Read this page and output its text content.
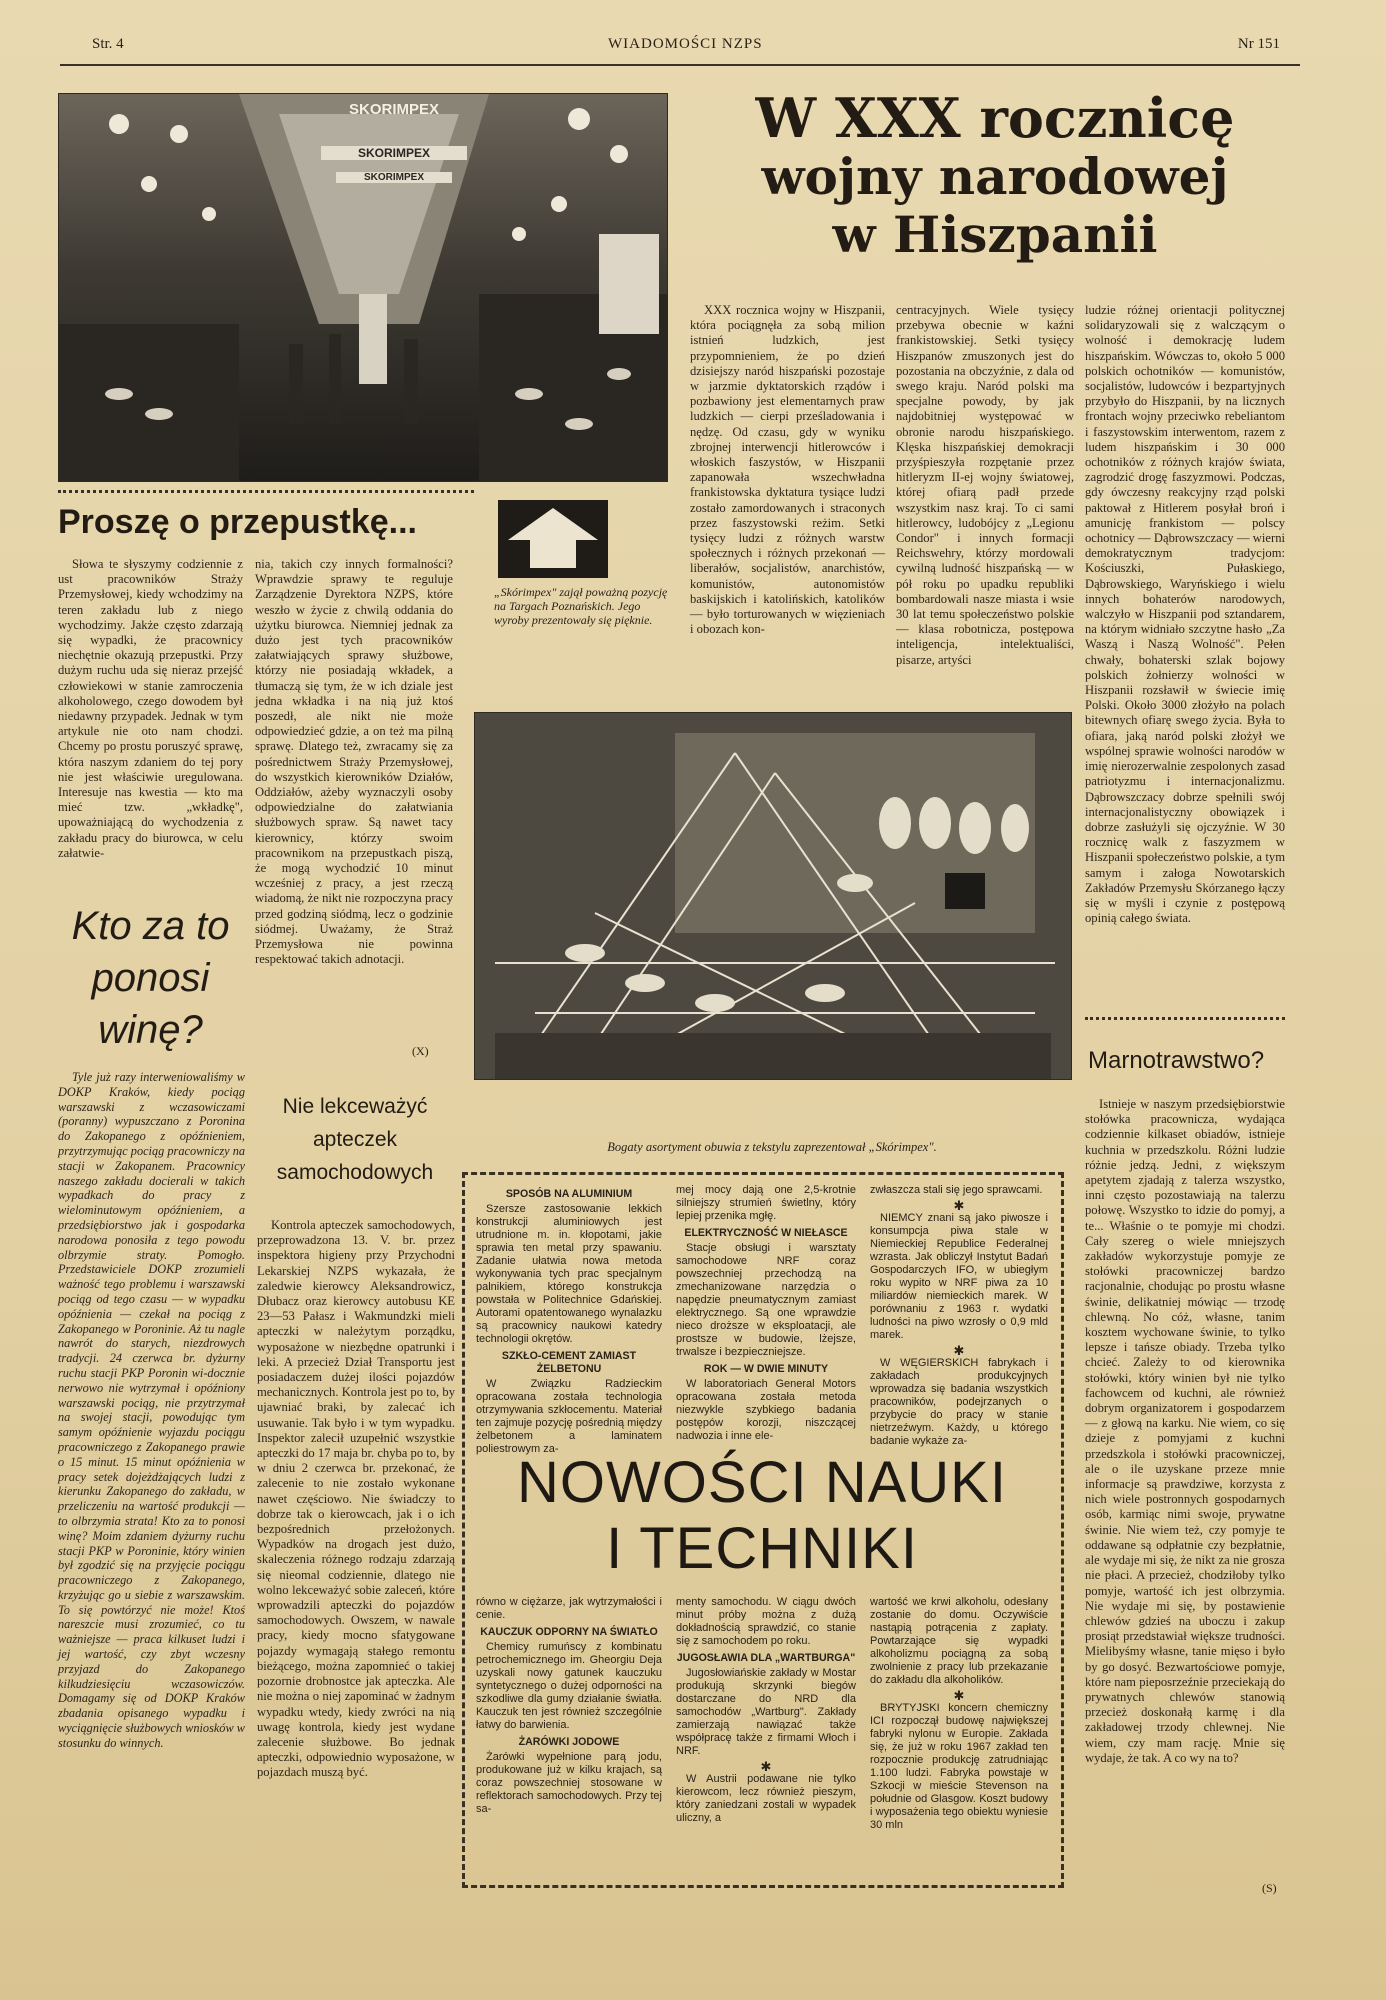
Str. 4	WIADOMOŚCI NZPS	Nr 151
SKORIMPEX
SKORIMPEX
SKORIMPEX
W XXX rocznicę
wojny narodowej
w Hiszpanii

XXX rocznica wojny w Hiszpanii, która pociągnęła za sobą milion istnień ludzkich, jest przypomnieniem, że po dzień dzisiejszy naród hiszpański pozostaje w jarzmie dyktatorskich rządów i pozbawiony jest elementarnych praw ludzkich — cierpi prześladowania i nędzę. Od czasu, gdy w wyniku zbrojnej interwencji hitlerowców i włoskich faszystów, w Hiszpanii zapanowała wszechwładna frankistowska dyktatura tysiące ludzi zostało zamordowanych i straconych przez faszystowski reżim. Setki tysięcy ludzi z różnych warstw społecznych i różnych przekonań — liberałów, socjalistów, anarchistów, komunistów, autonomistów baskijskich i katolińskich, katolików — było torturowanych w więzieniach i obozach kon-

centracyjnych. Wiele tysięcy przebywa obecnie w kaźni frankistowskiej. Setki tysięcy Hiszpanów zmuszonych jest do pozostania na obczyźnie, z dala od swego kraju. Naród polski ma specjalne powody, by jak najdobitniej występować w obronie narodu hiszpańskiego. Klęska hiszpańskiej demokracji przyśpieszyła rozpętanie przez hitleryzm II-ej wojny światowej, której ofiarą padł przede wszystkim nasz kraj. To ci sami hitlerowcy, ludobójcy z „Legionu Condor" i innych formacji Reichswehry, którzy mordowali cywilną ludność hiszpańską — w pół roku po upadku republiki bombardowali nasze miasta i wsie 30 lat temu społeczeństwo polskie — klasa robotnicza, postępowa inteligencja, intelektualiści, pisarze, artyści

ludzie różnej orientacji politycznej solidaryzowali się z walczącym o wolność i demokrację ludem hiszpańskim. Wówczas to, około 5 000 polskich ochotników — komunistów, socjalistów, ludowców i bezpartyjnych przybyło do Hiszpanii, by na licznych frontach wojny przeciwko rebeliantom i faszystowskim interwentom, razem z ludem hiszpańskim i 30 000 ochotników z różnych krajów świata, zagrodzić drogę faszyzmowi. Podczas, gdy ówczesny reakcyjny rząd polski paktował z Hitlerem posyłał broń i amunicję frankistom — polscy ochotnicy — Dąbrowszczacy — wierni demokratycznym tradycjom: Kościuszki, Pułaskiego, Dąbrowskiego, Waryńskiego i wielu innych bohaterów narodowych, walczyło w Hiszpanii pod sztandarem, na którym widniało szczytne hasło „Za Waszą i Naszą Wolność". Pełen chwały, bohaterski szlak bojowy polskich żołnierzy wolności w Hiszpanii rozsławił w świecie imię Polski. Około 3000 złożyło na polach bitewnych ofiarę swego życia. Była to ofiara, jaką naród polski złożył we wspólnej sprawie wolności narodów w imię nierozerwalnie zespolonych zasad patriotyzmu i internacjonalizmu. Dąbrowszczacy dobrze spełnili swój internacjonalistyczny obowiązek i dobrze zasłużyli się ojczyźnie. W 30 rocznicę walk z faszyzmem w Hiszpanii społeczeństwo polskie, a tym samym i załoga Nowotarskich Zakładów Przemysłu Skórzanego łączy się w myśli i czynie z postępową opinią całego świata.

„Skórimpex" zajął poważną pozycję na Targach Poznańskich. Jego wyroby prezentowały się pięknie.
Proszę o przepustkę...

Słowa te słyszymy codziennie z ust pracowników Straży Przemysłowej, kiedy wchodzimy na teren zakładu lub z niego wychodzimy. Jakże często zdarzają się wypadki, że pracownicy niechętnie okazują przepustki. Przy dużym ruchu uda się nieraz przejść człowiekowi w stanie zamroczenia alkoholowego, czego dowodem był niedawny przypadek. Jednak w tym artykule nie oto nam chodzi. Chcemy po prostu poruszyć sprawę, która naszym zdaniem do tej pory nie jest właściwie uregulowana. Interesuje nas kwestia — kto ma mieć tzw. „wkładkę", upoważniającą do wychodzenia z zakładu pracy do biurowca, w celu załatwie-

nia, takich czy innych formalności? Wprawdzie sprawy te reguluje Zarządzenie Dyrektora NZPS, które weszło w życie z chwilą oddania do użytku biurowca. Niemniej jednak za dużo jest tych pracowników załatwiających sprawy służbowe, którzy nie posiadają wkładek, a tłumaczą się tym, że w ich dziale jest jedna wkładka i na nią już ktoś poszedł, ale nikt nie może odpowiedzieć gdzie, a on też ma pilną sprawę. Dlatego też, zwracamy się za pośrednictwem Straży Przemysłowej, do wszystkich kierowników Działów, Oddziałów, ażeby wyznaczyli osoby odpowiedzialne do załatwiania służbowych spraw. Są nawet tacy kierownicy, którzy swoim pracownikom na przepustkach piszą, że mogą wychodzić 10 minut wcześniej z pracy, a jest rzeczą wiadomą, że nikt nie rozpoczyna pracy przed godziną siódmą, lecz o godzinie siódmej. Uważamy, że Straż Przemysłowa nie powinna respektować takich adnotacji.

(X)
Kto za to
ponosi
winę?

Tyle już razy interweniowaliśmy w DOKP Kraków, kiedy pociąg warszawski z wczasowiczami (poranny) wypuszczano z Poronina do Zakopanego z opóźnieniem, przytrzymując pociąg pracowniczy na stacji w Zakopanem. Pracownicy naszego zakładu docierali w takich wypadkach do pracy z wielominutowym opóźnieniem, a przedsiębiorstwo jak i gospodarka narodowa ponosiła z tego powodu olbrzymie straty. Pomogło. Przedstawiciele DOKP zrozumieli ważność tego problemu i warszawski pociąg od tego czasu — w wypadku opóźnienia — czekał na pociąg z Zakopanego w Poroninie. Aż tu nagle nawrót do starych, niezdrowych tradycji. 24 czerwca br. dyżurny ruchu stacji PKP Poronin wi-docznie nerwowo nie wytrzymał i opóźniony warszawski pociąg, nie przytrzymał na swojej stacji, powodując tym samym opóźnienie wyjazdu pociągu pracowniczego z Zakopanego prawie o 15 minut. 15 minut opóźnienia w pracy setek dojeżdżających ludzi z kierunku Zakopanego do zakładu, w przeliczeniu na wartość produkcji — to olbrzymia strata! Kto za to ponosi winę? Moim zdaniem dyżurny ruchu stacji PKP w Poroninie, który winien był zgodzić się na przyjęcie pociągu pracowniczego z Zakopanego, krzyżując go u siebie z warszawskim. To się powtórzyć nie może! Ktoś nareszcie musi zrozumieć, co tu ważniejsze — praca kilkuset ludzi i jej wartość, czy zbyt wczesny przyjazd do Zakopanego kilkudziesięciu wczasowiczów. Domagamy się od DOKP Kraków zbadania opisanego wypadku i wyciągnięcie służbowych wniosków w stosunku do winnych.

Nie lekceważyć
apteczek
samochodowych

Kontrola apteczek samochodowych, przeprowadzona 13. V. br. przez inspektora higieny przy Przychodni Lekarskiej NZPS wykazała, że zaledwie kierowcy Aleksandrowicz, Dłubacz oraz kierowcy autobusu KE 23—53 Pałasz i Wakmundzki mieli apteczki w należytym porządku, wyposażone w niezbędne opatrunki i leki. A przecież Dział Transportu jest posiadaczem dużej ilości pojazdów mechanicznych. Kontrola jest po to, by ujawniać braki, by zalecać ich usuwanie. Tak było i w tym wypadku. Inspektor zalecił uzupełnić wszystkie apteczki do 17 maja br. chyba po to, by w dniu 2 czerwca br. przekonać, że zalecenie to nie zostało wykonane nawet częściowo. Nie świadczy to dobrze tak o kierowcach, jak i o ich bezpośrednich przełożonych. Wypadków na drogach jest dużo, skaleczenia różnego rodzaju zdarzają się nieomal codziennie, dlatego nie wolno lekceważyć sobie zaleceń, które wprowadzili apteczki do pojazdów samochodowych. Owszem, w nawale pracy, kiedy mocno sfatygowane pojazdy wymagają stałego remontu bieżącego, można zapomnieć o takiej pozornie drobnostce jak apteczka. Ale nie można o niej zapominać w żadnym wypadku wtedy, kiedy zwróci na nią uwagę kontrola, kiedy jest wydane zalecenie służbowe. Bo jednak apteczki, odpowiednio wyposażone, w pojazdach muszą być.

Bogaty asortyment obuwia z tekstylu zaprezentował „Skórimpex".
Marnotrawstwo?

Istnieje w naszym przedsiębiorstwie stołówka pracownicza, wydająca codziennie kilkaset obiadów, istnieje kuchnia w przedszkolu. Różni ludzie różnie jedzą. Jedni, z większym apetytem zjadają z talerza wszystko, inni często pozostawiają na talerzu połowę. Wszystko to idzie do pomyj, a te... Właśnie o te pomyje mi chodzi. Cały szereg o wiele mniejszych zakładów wykorzystuje pomyje ze stołówki pracowniczej bardzo racjonalnie, chodując po prostu własne świnie, delikatniej mówiąc — trzodę chlewną. No cóż, własne, tanim kosztem wychowane świnie, to tylko lepsze i tańsze obiady. Trzeba tylko chcieć. Zależy to od kierownika stołówki, który winien był nie tylko fachowcem od kuchni, ale również dobrym organizatorem i gospodarzem — z głową na karku. Nie wiem, co się dzieje z pomyjami z kuchni przedszkola i stołówki pracowniczej, ale o ile uzyskane przeze mnie informacje są prawdziwe, korzysta z nich wiele postronnych gospodarnych osób, karmiąc nimi swoje, prywatne świnie. Nie wiem też, czy pomyje te oddawane są odpłatnie czy bezpłatnie, ale wydaje mi się, że nikt za nie grosza nie płaci. A przecież, chodziłoby tylko pomyje, wartość ich jest olbrzymia. Nie wydaje mi się, by postawienie chlewów gdzieś na uboczu i zakup prosiąt przedstawiał większe trudności. Mielibyśmy własne, tanie mięso i było by go dosyć. Bezwartościowe pomyje, które nam pieposrzeźnie przeciekają do prywatnych chlewów stanowią przecież doskonałą karmę i dla zakładowej trzody chlewnej. Nie wiem, czy mam rację. Mnie się wydaje, że tak. A co wy na to?

(S)
SPOSÓB NA ALUMINIUM

Szersze zastosowanie lekkich konstrukcji aluminiowych jest utrudnione m. in. kłopotami, jakie sprawia ten metal przy spawaniu. Zadanie ułatwia nowa metoda wykonywania tych prac specjalnym palnikiem, którego konstrukcja powstała w Politechnice Gdańskiej. Autorami opatentowanego wynalazku są pracownicy naukowi katedry technologii okrętów.

SZKŁO-CEMENT ZAMIAST ŻELBETONU

W Związku Radzieckim opracowana została technologia otrzymywania szkłocementu. Materiał ten zajmuje pozycję pośrednią między żelbetonem a laminatem poliestrowym za-

mej mocy dają one 2,5-krotnie silniejszy strumień świetlny, który lepiej przenika mgłę.

ELEKTRYCZNOŚĆ W NIEŁASCE

Stacje obsługi i warsztaty samochodowe NRF coraz powszechniej przechodzą na zmechanizowane narzędzia o napędzie pneumatycznym zamiast elektrycznego. Są one wprawdzie nieco droższe w eksploatacji, ale prostsze w budowie, lżejsze, trwalsze i bezpieczniejsze.

ROK — W DWIE MINUTY

W laboratoriach General Motors opracowana została metoda niezwykle szybkiego badania postępów korozji, niszczącej nadwozia i inne ele-

zwłaszcza stali się jego sprawcami.

✱

NIEMCY znani są jako piwosze i konsumpcja piwa stale w Niemieckiej Republice Federalnej wzrasta. Jak obliczył Instytut Badań Gospodarczych IFO, w ubiegłym roku wypito w NRF piwa za 10 miliardów niemieckich marek. W porównaniu z 1963 r. wydatki ludności na piwo wzrosły o 0,9 mld marek.

✱

W WĘGIERSKICH fabrykach i zakładach produkcyjnych wprowadza się badania wszystkich pracowników, podejrzanych o przybycie do pracy w stanie nietrzeźwym. Każdy, u którego badanie wykaże za-

NOWOŚCI NAUKI
I TECHNIKI

równo w ciężarze, jak wytrzymałości i cenie.

KAUCZUK ODPORNY NA ŚWIATŁO

Chemicy rumuńscy z kombinatu petrochemicznego im. Gheorgiu Deja uzyskali nowy gatunek kauczuku syntetycznego o dużej odporności na szkodliwe dla gumy działanie światła. Kauczuk ten jest również szczególnie łatwy do barwienia.

ŻARÓWKI JODOWE

Żarówki wypełnione parą jodu, produkowane już w kilku krajach, są coraz powszechniej stosowane w reflektorach samochodowych. Przy tej sa-

menty samochodu. W ciągu dwóch minut próby można z dużą dokładnością sprawdzić, co stanie się z samochodem po roku.

JUGOSŁAWIA DLA „WARTBURGA"

Jugosłowiańskie zakłady w Mostar produkują skrzynki biegów dostarczane do NRD dla samochodów „Wartburg". Zakłady zamierzają nawiązać także współpracę także z firmami Włoch i NRF.

✱

W Austrii podawane nie tylko kierowcom, lecz również pieszym, który zaniedzani zostali w wypadek uliczny, a

wartość we krwi alkoholu, odesłany zostanie do domu. Oczywiście nastąpią potrącenia z zapłaty. Powtarzające się wypadki alkoholizmu pociągną za sobą zwolnienie z pracy lub przekazanie do zakładu dla alkoholików.

✱

BRYTYJSKI koncern chemiczny ICI rozpoczął budowę największej fabryki nylonu w Europie. Zakłada się, że już w roku 1967 zakład ten rozpocznie produkcję zatrudniając 1.100 ludzi. Fabryka powstaje w Szkocji w mieście Stevenson na południe od Glasgow. Koszt budowy i wyposażenia tego obiektu wyniesie 30 mln
